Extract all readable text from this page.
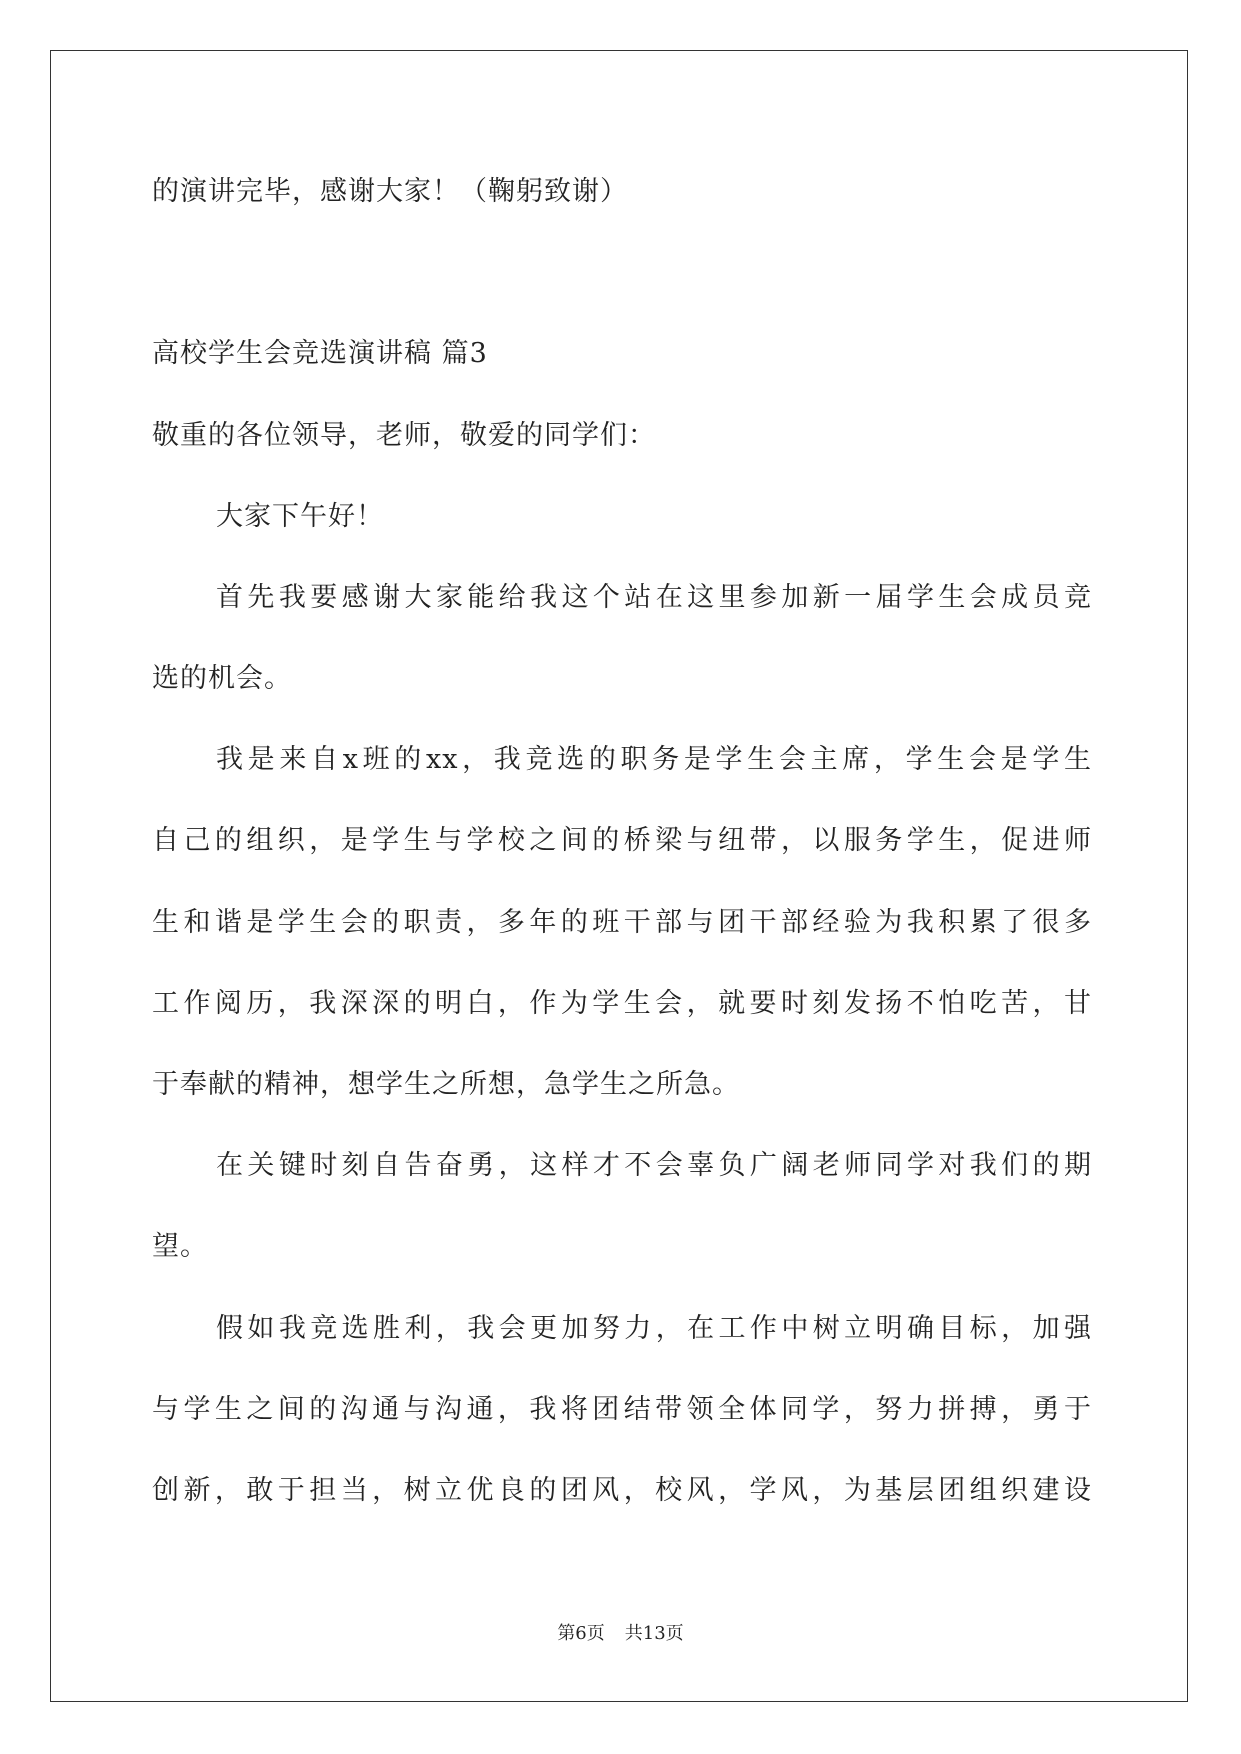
的演讲完毕，感谢大家！（鞠躬致谢）
高校学生会竞选演讲稿 篇3
敬重的各位领导，老师，敬爱的同学们：
大家下午好！
首先我要感谢大家能给我这个站在这里参加新一届学生会成员竞
选的机会。
我是来自x班的xx，我竞选的职务是学生会主席，学生会是学生
自己的组织，是学生与学校之间的桥梁与纽带，以服务学生，促进师
生和谐是学生会的职责，多年的班干部与团干部经验为我积累了很多
工作阅历，我深深的明白，作为学生会，就要时刻发扬不怕吃苦，甘
于奉献的精神，想学生之所想，急学生之所急。
在关键时刻自告奋勇，这样才不会辜负广阔老师同学对我们的期
望。
假如我竞选胜利，我会更加努力，在工作中树立明确目标，加强
与学生之间的沟通与沟通，我将团结带领全体同学，努力拼搏，勇于
创新，敢于担当，树立优良的团风，校风，学风，为基层团组织建设
第6页 共13页
